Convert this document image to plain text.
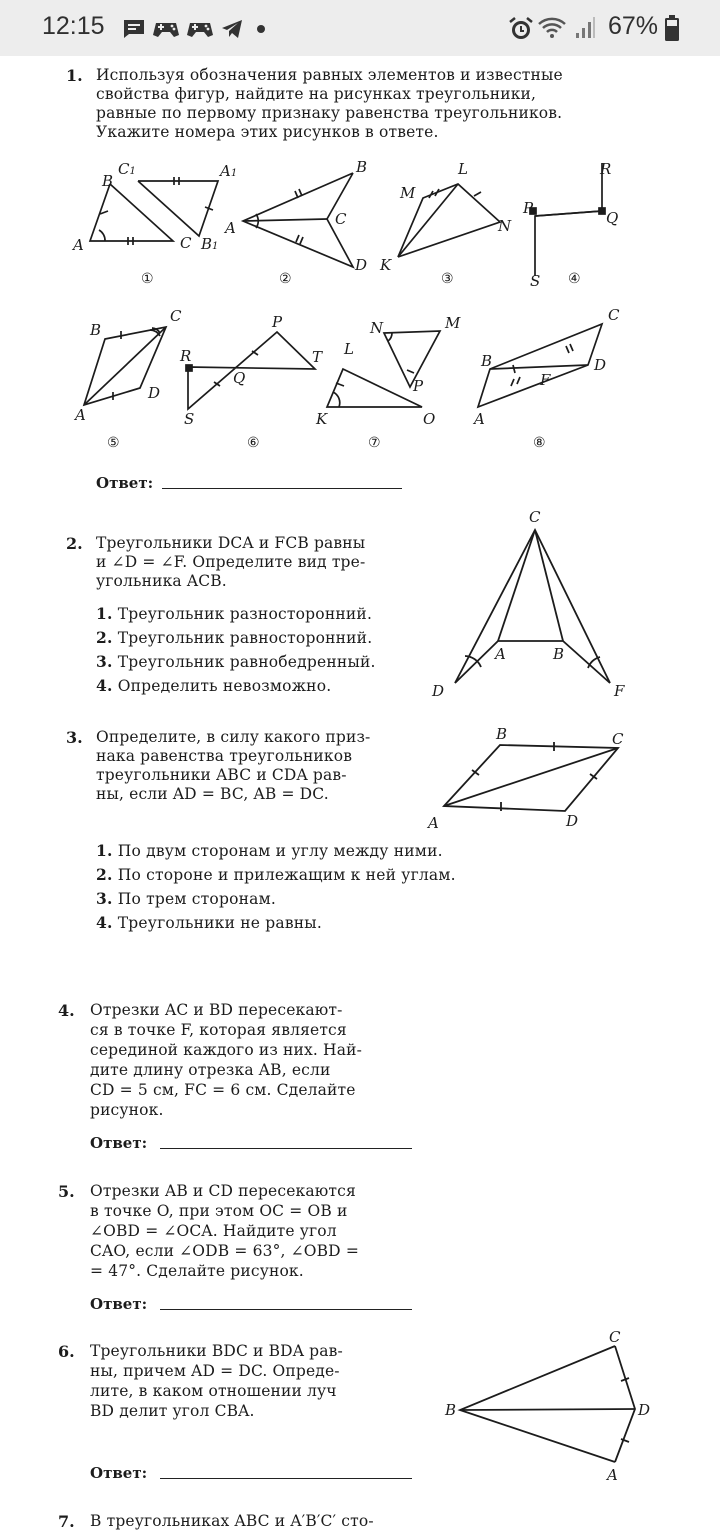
12:15	67%
1. Используя обозначения равных элементов и известные
свойства фигур, найдите на рисунках треугольники,
равные по первому признаку равенства треугольников.
Укажите номера этих рисунков в ответе.
B
C1	A1
A	C B1
B
A	C
D
L
M
N
K
R
P
Q
S
B
C
A
D
P
R	T
Q
S
N	M
L
P
K	O
C
B	D
F
A
①	②	③	④
⑤	⑥	⑦	⑧
Ответ:
2. Треугольники DCA и FCB равны
и ∠D = ∠F. Определите вид тре-
угольника ACB.
1. Треугольник разносторонний.
2. Треугольник равносторонний.
3. Треугольник равнобедренный.
4. Определить невозможно.
C
A	B
D	F
3. Определите, в силу какого приз-
нака равенства треугольников
треугольники ABC и CDA рав-
ны, если AD = BC, AB = DC.
B	C
A	D
1. По двум сторонам и углу между ними.
2. По стороне и прилежащим к ней углам.
3. По трем сторонам.
4. Треугольники не равны.
4. Отрезки AC и BD пересекают-
ся в точке F, которая является
серединой каждого из них. Най-
дите длину отрезка AB, если
CD = 5 см, FC = 6 см. Сделайте
рисунок.
Ответ:
5. Отрезки AB и CD пересекаются
в точке O, при этом OC = OB и
∠OBD = ∠OCA. Найдите угол
CAO, если ∠ODB = 63°, ∠OBD =
= 47°. Сделайте рисунок.
Ответ:
6. Треугольники BDC и BDA рав-
ны, причем AD = DC. Опреде-
лите, в каком отношении луч
BD делит угол CBA.
C
B	D
A
Ответ:
7. В треугольниках ABC и A′B′C′ сто-
